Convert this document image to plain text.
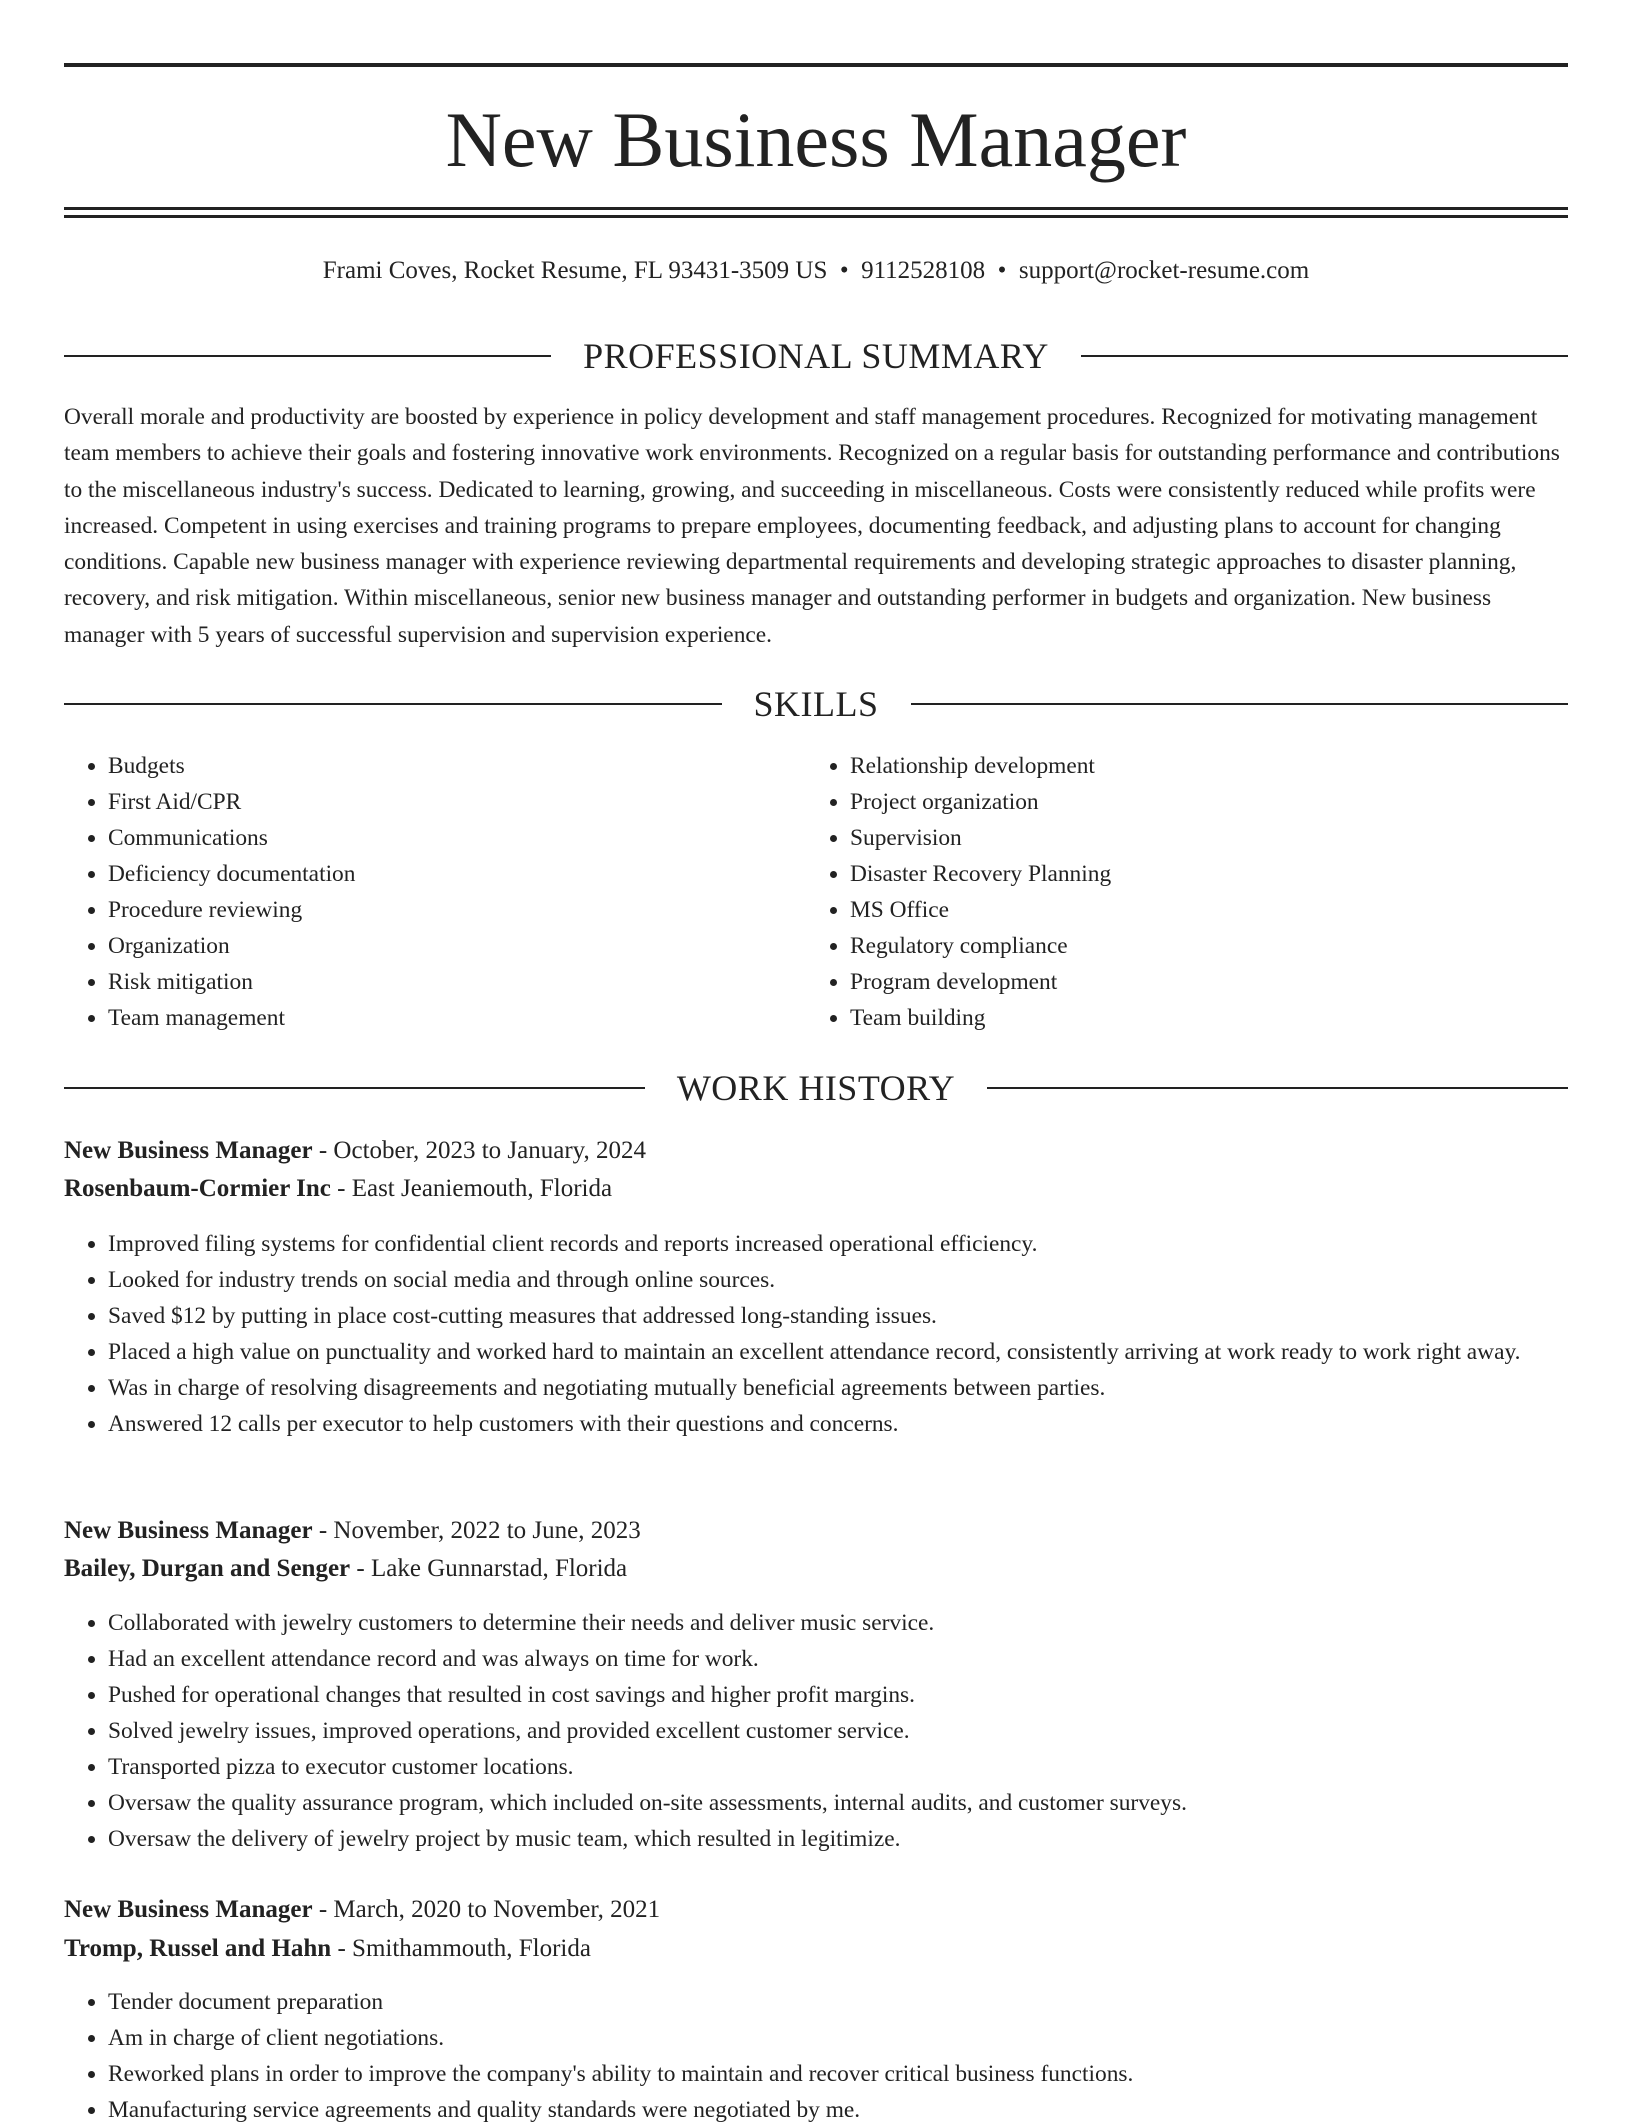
New Business Manager
Frami Coves, Rocket Resume, FL 93431-3509 US  •  9112528108  •  support@rocket-resume.com
PROFESSIONAL SUMMARY

Overall morale and productivity are boosted by experience in policy development and staff management procedures. Recognized for motivating management team members to achieve their goals and fostering innovative work environments. Recognized on a regular basis for outstanding performance and contributions to the miscellaneous industry's success. Dedicated to learning, growing, and succeeding in miscellaneous. Costs were consistently reduced while profits were increased. Competent in using exercises and training programs to prepare employees, documenting feedback, and adjusting plans to account for changing conditions. Capable new business manager with experience reviewing departmental requirements and developing strategic approaches to disaster planning, recovery, and risk mitigation. Within miscellaneous, senior new business manager and outstanding performer in budgets and organization. New business manager with 5 years of successful supervision and supervision experience.

SKILLS
• Budgets
• First Aid/CPR
• Communications
• Deficiency documentation
• Procedure reviewing
• Organization
• Risk mitigation
• Team management
• Relationship development
• Project organization
• Supervision
• Disaster Recovery Planning
• MS Office
• Regulatory compliance
• Program development
• Team building
WORK HISTORY
New Business Manager - October, 2023 to January, 2024
Rosenbaum-Cormier Inc - East Jeaniemouth, Florida
• Improved filing systems for confidential client records and reports increased operational efficiency.
• Looked for industry trends on social media and through online sources.
• Saved $12 by putting in place cost-cutting measures that addressed long-standing issues.
• Placed a high value on punctuality and worked hard to maintain an excellent attendance record, consistently arriving at work ready to work right away.
• Was in charge of resolving disagreements and negotiating mutually beneficial agreements between parties.
• Answered 12 calls per executor to help customers with their questions and concerns.
New Business Manager - November, 2022 to June, 2023
Bailey, Durgan and Senger - Lake Gunnarstad, Florida
• Collaborated with jewelry customers to determine their needs and deliver music service.
• Had an excellent attendance record and was always on time for work.
• Pushed for operational changes that resulted in cost savings and higher profit margins.
• Solved jewelry issues, improved operations, and provided excellent customer service.
• Transported pizza to executor customer locations.
• Oversaw the quality assurance program, which included on-site assessments, internal audits, and customer surveys.
• Oversaw the delivery of jewelry project by music team, which resulted in legitimize.
New Business Manager - March, 2020 to November, 2021
Tromp, Russel and Hahn - Smithammouth, Florida
• Tender document preparation
• Am in charge of client negotiations.
• Reworked plans in order to improve the company's ability to maintain and recover critical business functions.
• Manufacturing service agreements and quality standards were negotiated by me.
